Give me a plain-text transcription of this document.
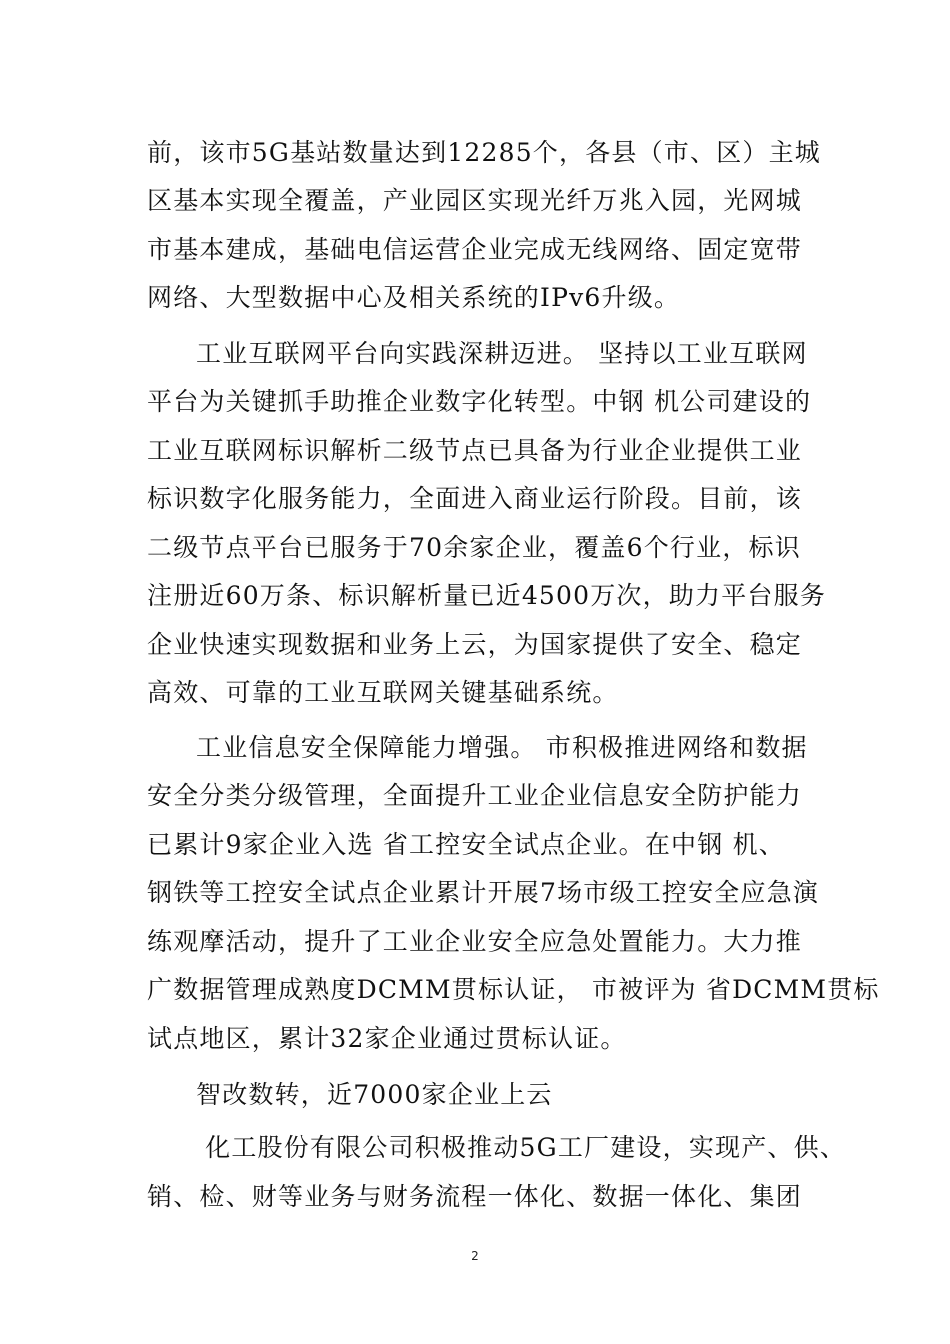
前，该市5G基站数量达到12285个，各县（市、区）主城
区基本实现全覆盖，产业园区实现光纤万兆入园，光网城
市基本建成，基础电信运营企业完成无线网络、固定宽带
网络、大型数据中心及相关系统的IPv6升级。
工业互联网平台向实践深耕迈进。 坚持以工业互联网
平台为关键抓手助推企业数字化转型。中钢 机公司建设的
工业互联网标识解析二级节点已具备为行业企业提供工业
标识数字化服务能力，全面进入商业运行阶段。目前，该
二级节点平台已服务于70余家企业，覆盖6个行业，标识
注册近60万条、标识解析量已近4500万次，助力平台服务
企业快速实现数据和业务上云，为国家提供了安全、稳定
高效、可靠的工业互联网关键基础系统。
工业信息安全保障能力增强。 市积极推进网络和数据
安全分类分级管理，全面提升工业企业信息安全防护能力
已累计9家企业入选 省工控安全试点企业。在中钢 机、
钢铁等工控安全试点企业累计开展7场市级工控安全应急演
练观摩活动，提升了工业企业安全应急处置能力。大力推
广数据管理成熟度DCMM贯标认证， 市被评为 省DCMM贯标
试点地区，累计32家企业通过贯标认证。
智改数转，近7000家企业上云
化工股份有限公司积极推动5G工厂建设，实现产、供、
销、检、财等业务与财务流程一体化、数据一体化、集团
2
